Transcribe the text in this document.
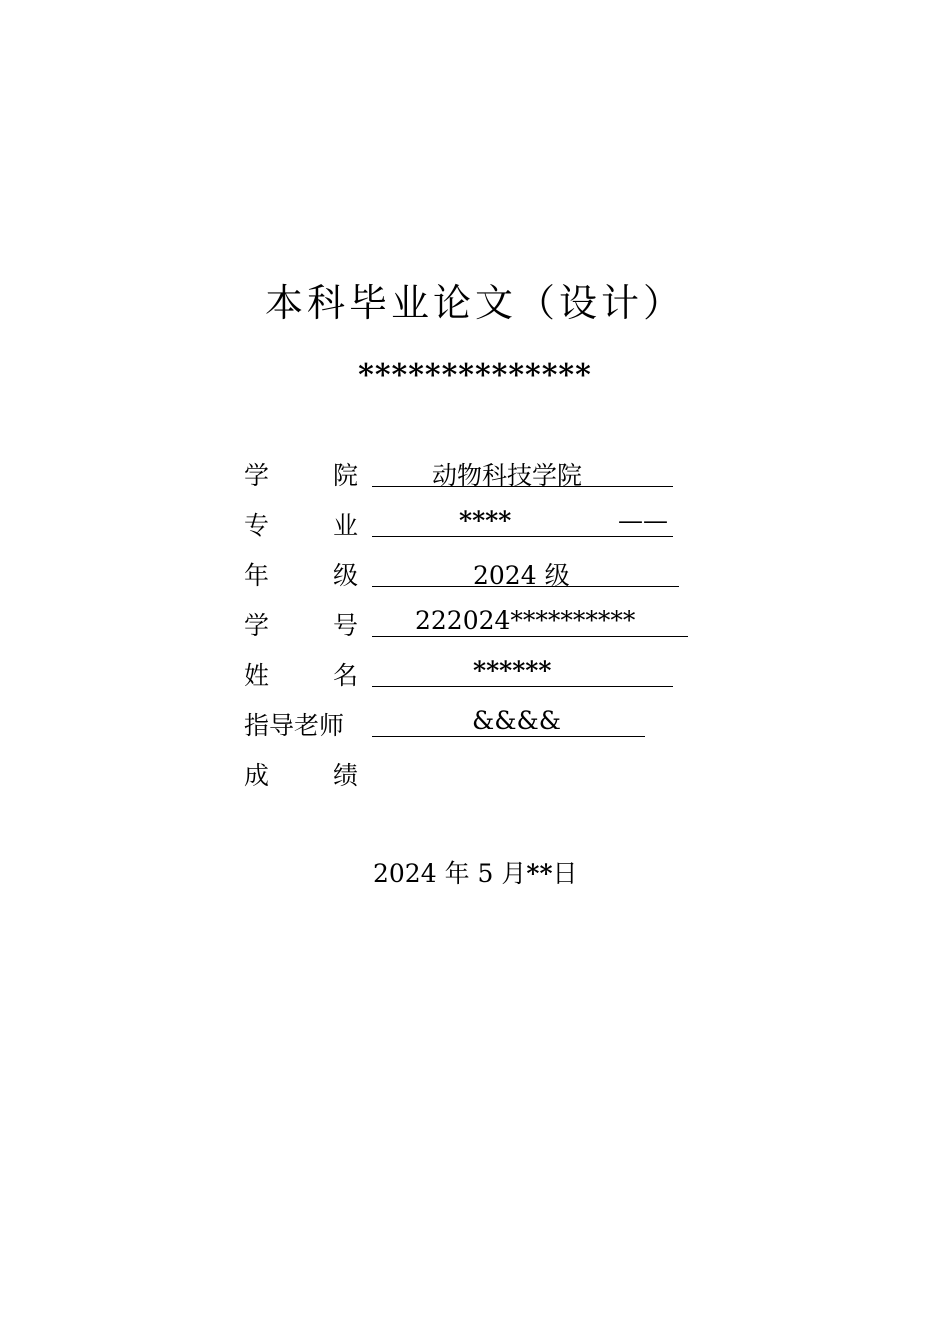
本科毕业论文（设计）
**************
学	院	动物科技学院
专	业	****	——
年	级	2024 级
学	号 222024**********
姓	名	******
指导老师	&&&&
成	绩
2024 年 5 月**日
